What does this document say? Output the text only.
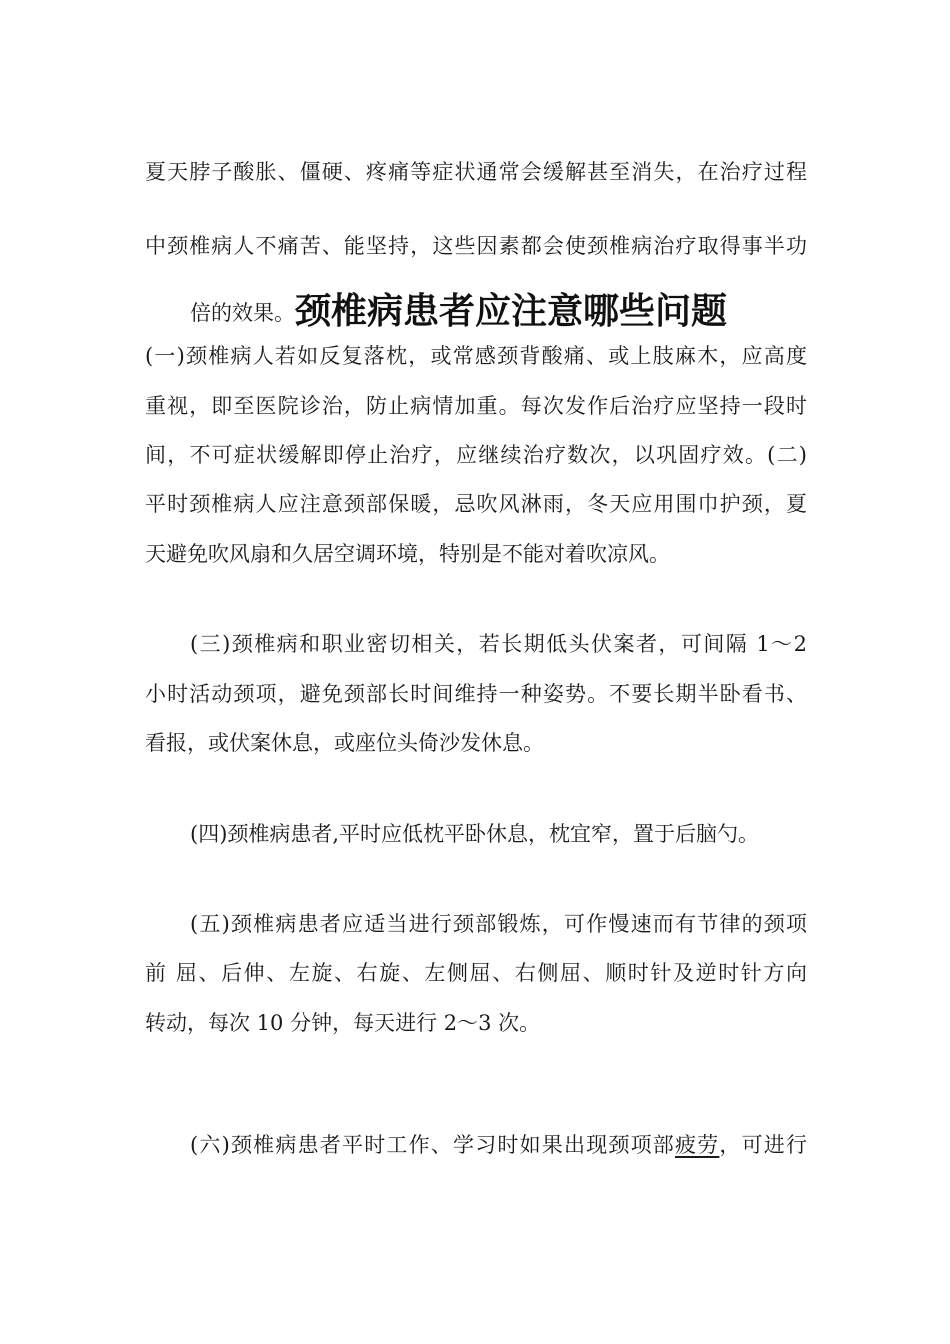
夏天脖子酸胀、僵硬、疼痛等症状通常会缓解甚至消失，在治疗过程

中颈椎病人不痛苦、能坚持，这些因素都会使颈椎病治疗取得事半功

倍的效果。颈椎病患者应注意哪些问题

(一)颈椎病人若如反复落枕，或常感颈背酸痛、或上肢麻木，应高度

重视，即至医院诊治，防止病情加重。每次发作后治疗应坚持一段时

间，不可症状缓解即停止治疗，应继续治疗数次，以巩固疗效。(二)

平时颈椎病人应注意颈部保暖，忌吹风淋雨，冬天应用围巾护颈，夏

天避免吹风扇和久居空调环境，特别是不能对着吹凉风。

(三)颈椎病和职业密切相关，若长期低头伏案者，可间隔 1～2

小时活动颈项，避免颈部长时间维持一种姿势。不要长期半卧看书、

看报，或伏案休息，或座位头倚沙发休息。

(四)颈椎病患者,平时应低枕平卧休息，枕宜窄，置于后脑勺。

(五)颈椎病患者应适当进行颈部锻炼，可作慢速而有节律的颈项

前 屈、后伸、左旋、右旋、左侧屈、右侧屈、顺时针及逆时针方向

转动，每次 10 分钟，每天进行 2～3 次。

(六)颈椎病患者平时工作、学习时如果出现颈项部疲劳，可进行
